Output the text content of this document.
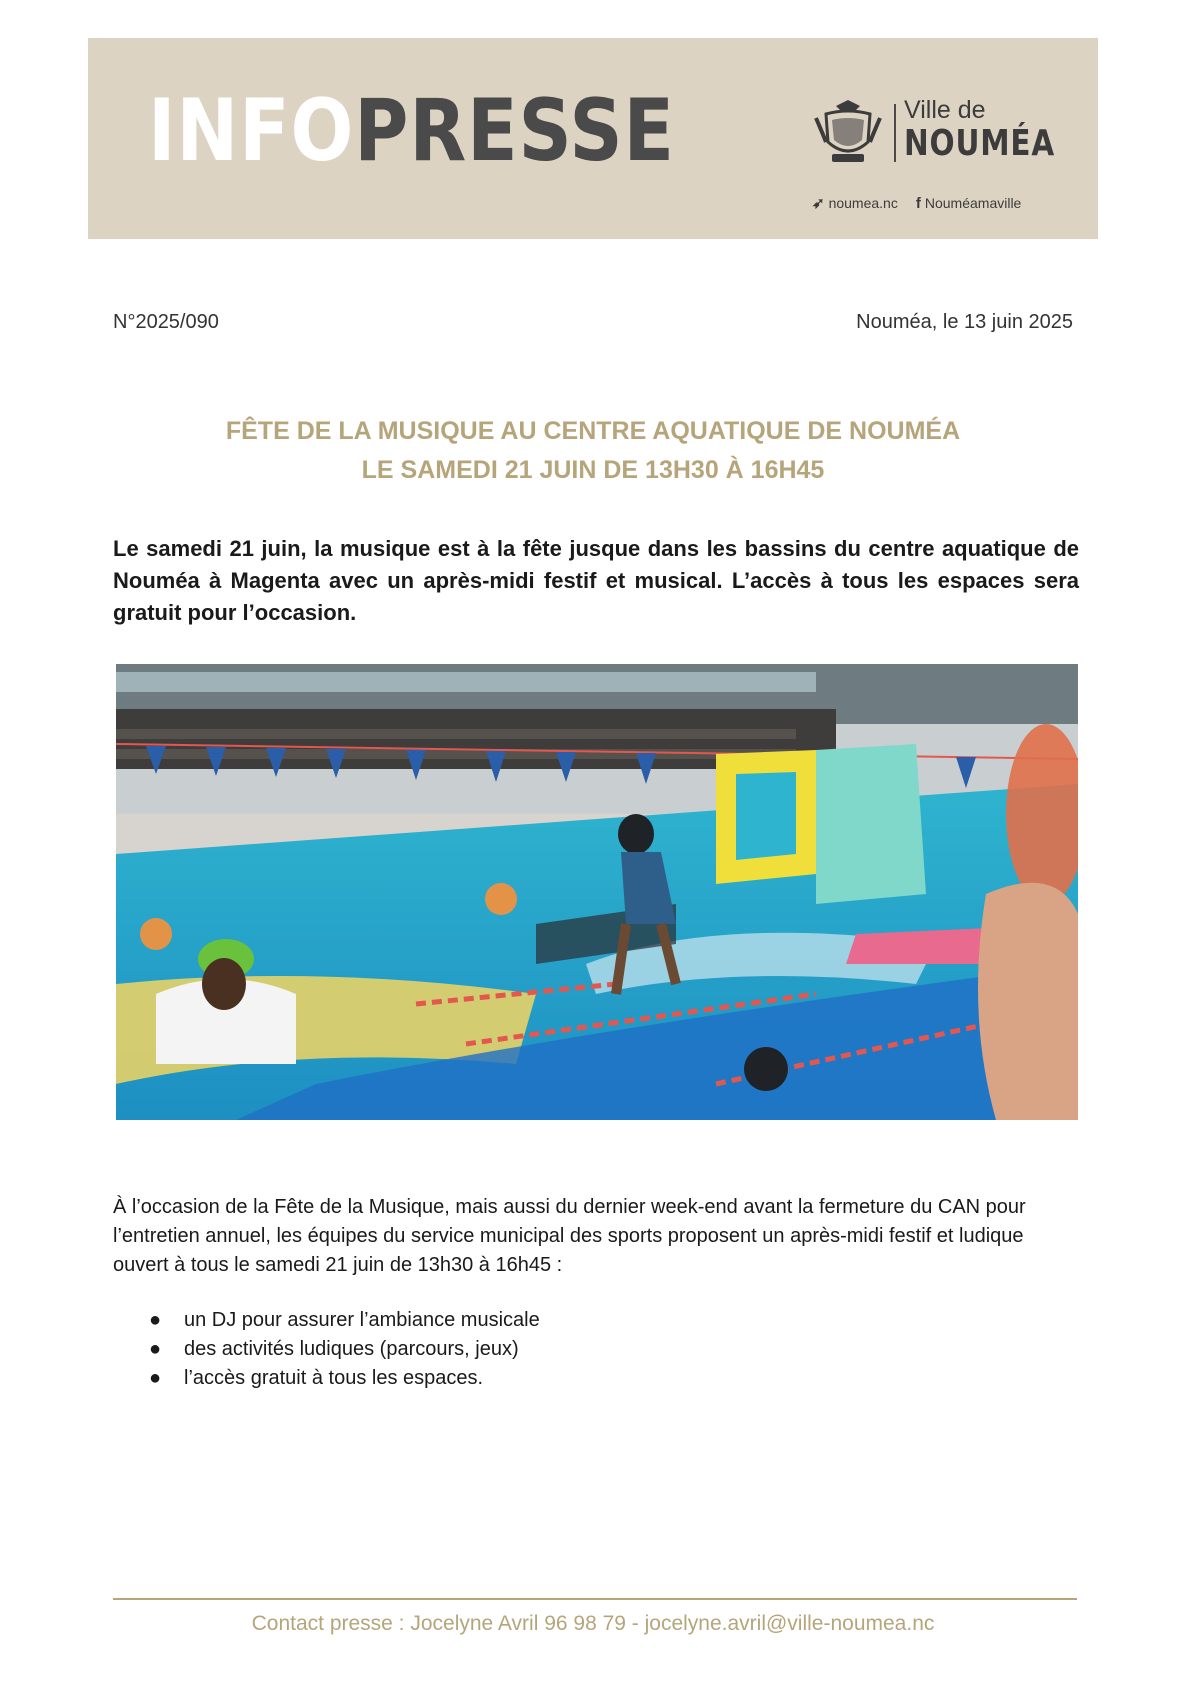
INFOPRESSE	Ville de
NOUMÉA
➶ noumea.nc f Nouméamaville
N°2025/090	Nouméa, le 13 juin 2025
FÊTE DE LA MUSIQUE AU CENTRE AQUATIQUE DE NOUMÉA
LE SAMEDI 21 JUIN DE 13H30 À 16H45

Le samedi 21 juin, la musique est à la fête jusque dans les bassins du centre aquatique de Nouméa à Magenta avec un après-midi festif et musical. L’accès à tous les espaces sera gratuit pour l’occasion.

À l’occasion de la Fête de la Musique, mais aussi du dernier week-end avant la fermeture du CAN pour l’entretien annuel, les équipes du service municipal des sports proposent un après-midi festif et ludique ouvert à tous le samedi 21 juin de 13h30 à 16h45 :

● un DJ pour assurer l’ambiance musicale
● des activités ludiques (parcours, jeux)
● l’accès gratuit à tous les espaces.
Contact presse : Jocelyne Avril 96 98 79 - jocelyne.avril@ville-noumea.nc
